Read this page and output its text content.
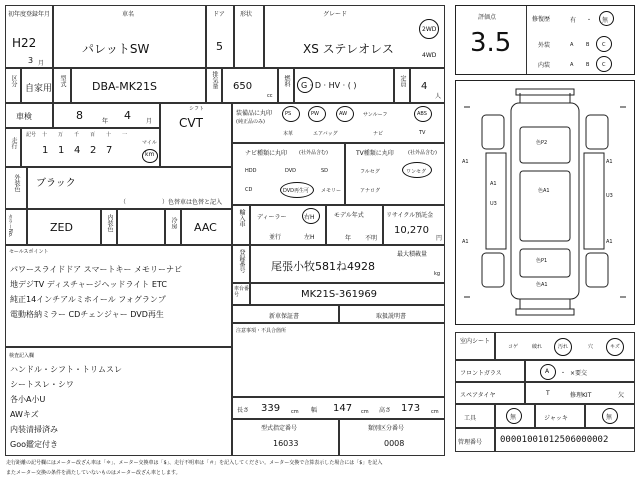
初年度登録年月
H22
3 月
車名
パレットSW
ドア
5
形状	グレード
XS ステレオレス
2WD
4WD
区分
自家用
型式 DBA-MK21S	排気量 650
cc
燃料 G · D · HV · ( )	定員 4
人
車検	8	年 4	月
シフト
CVT
走行
記号 十 万 千 百 十 一
1 1 4 2 7
マイル
km
外装色 ブラック
（　　　　　　）色替車は色替と記入
カラーNo.	ZED	内装色	冷房 AAC
セールスポイント
パワースライドドア スマートキー メモリーナビ
地デジTV ディスチャージヘッドライト ETC
純正14インチアルミホイール フォグランプ
電動格納ミラー CDチェンジャー DVD再生
検査記入欄
ハンドル・シフト・トリムスレ
シートスレ・シワ
各小A小U
AWキズ
内装清掃済み
Goo鑑定付き
装備品に丸印
(純正品のみ)
PS	PW	AW	サンルーフ	ABS
本革	エアバッグ	ナビ	TV
ナビ種類に丸印 (社外品含む)
HDD	DVD	SD
CD	DVD再生可 メモリー
TV種類に丸印	(社外品含む)
フルセグ	ワンセグ
アナログ
輸入車 ディーラー	右H
並行	左H
モデル年式
年 不明
リサイクル預託金
10,270
円
登録番号	最大積載量
尾張小牧581ね4928
kg
車台番号	MK21S-361969
新車保証書	取扱説明書
注意事項・不具合箇所
長さ 339 cm 幅 147 cm 高さ 173 cm
型式指定番号
16033
類別区分番号
0008
評価点
3.5
修復歴	有 ・ 無
外装	A	B	C
内装	A	B	C
A1	A1
A1	A1
U3
U3
A1
色P2
色A1
色P1
色A1
室内シート
コゲ	破れ	汚れ	穴	キズ
フロントガラス	A ・ ×要交
スペアタイヤ	T	修理KIT	欠
工具	無	ジャッキ	無
管理番号 0000100101250600000​2
走行距離の記号欄にはメーター改ざん車は「＊」、メーター交換車は「$」、走行不明車は「＃」を記入してください。メーター交換で合算表示した場合には「$」を記入
またメーター交換の条件を満たしていないものはメーター改ざん車とします。
